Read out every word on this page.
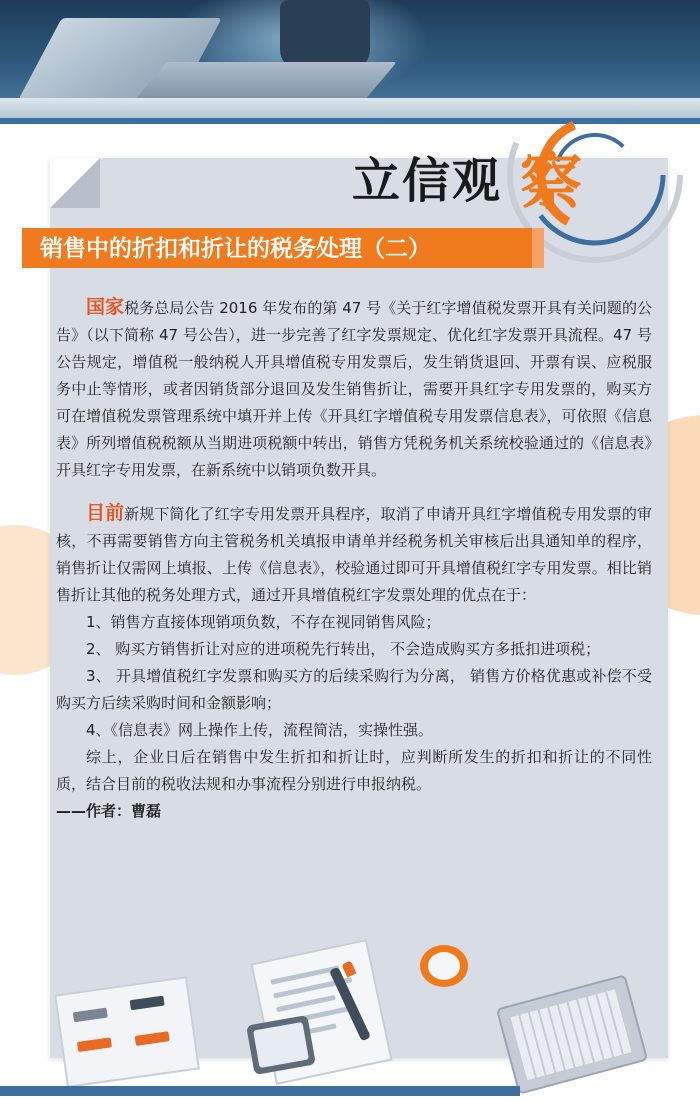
立信观 察
销售中的折扣和折让的税务处理（二）

国家税务总局公告 2016 年发布的第 47 号《关于红字增值税发票开具有关问题的公告》（以下简称 47 号公告），进一步完善了红字发票规定、优化红字发票开具流程。47 号公告规定，增值税一般纳税人开具增值税专用发票后，发生销货退回、开票有误、应税服务中止等情形，或者因销货部分退回及发生销售折让，需要开具红字专用发票的，购买方可在增值税发票管理系统中填开并上传《开具红字增值税专用发票信息表》，可依照《信息表》所列增值税税额从当期进项税额中转出，销售方凭税务机关系统校验通过的《信息表》开具红字专用发票，在新系统中以销项负数开具。

目前新规下简化了红字专用发票开具程序，取消了申请开具红字增值税专用发票的审核，不再需要销售方向主管税务机关填报申请单并经税务机关审核后出具通知单的程序，销售折让仅需网上填报、上传《信息表》，校验通过即可开具增值税红字专用发票。相比销售折让其他的税务处理方式，通过开具增值税红字发票处理的优点在于：

1、销售方直接体现销项负数，不存在视同销售风险；

2、 购买方销售折让对应的进项税先行转出， 不会造成购买方多抵扣进项税；

3、 开具增值税红字发票和购买方的后续采购行为分离， 销售方价格优惠或补偿不受购买方后续采购时间和金额影响；

4、《信息表》网上操作上传，流程简洁，实操性强。

综上，企业日后在销售中发生折扣和折让时，应判断所发生的折扣和折让的不同性质，结合目前的税收法规和办事流程分别进行申报纳税。

——作者：曹磊
